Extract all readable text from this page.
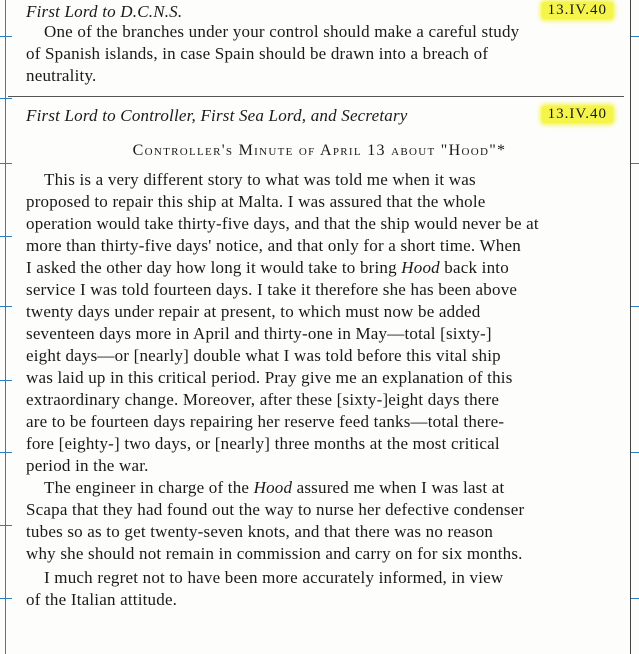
First Lord to D.C.N.S.	13.IV.40
One of the branches under your control should make a careful study
of Spanish islands, in case Spain should be drawn into a breach of
neutrality.
First Lord to Controller, First Sea Lord, and Secretary	13.IV.40
Controller's Minute of April 13 about "Hood"*
This is a very different story to what was told me when it was
proposed to repair this ship at Malta. I was assured that the whole
operation would take thirty-five days, and that the ship would never be at
more than thirty-five days' notice, and that only for a short time. When
I asked the other day how long it would take to bring Hood back into
service I was told fourteen days. I take it therefore she has been above
twenty days under repair at present, to which must now be added
seventeen days more in April and thirty-one in May—total [sixty-]
eight days—or [nearly] double what I was told before this vital ship
was laid up in this critical period. Pray give me an explanation of this
extraordinary change. Moreover, after these [sixty-]eight days there
are to be fourteen days repairing her reserve feed tanks—total there-
fore [eighty-] two days, or [nearly] three months at the most critical
period in the war.
The engineer in charge of the Hood assured me when I was last at
Scapa that they had found out the way to nurse her defective condenser
tubes so as to get twenty-seven knots, and that there was no reason
why she should not remain in commission and carry on for six months.
I much regret not to have been more accurately informed, in view
of the Italian attitude.
